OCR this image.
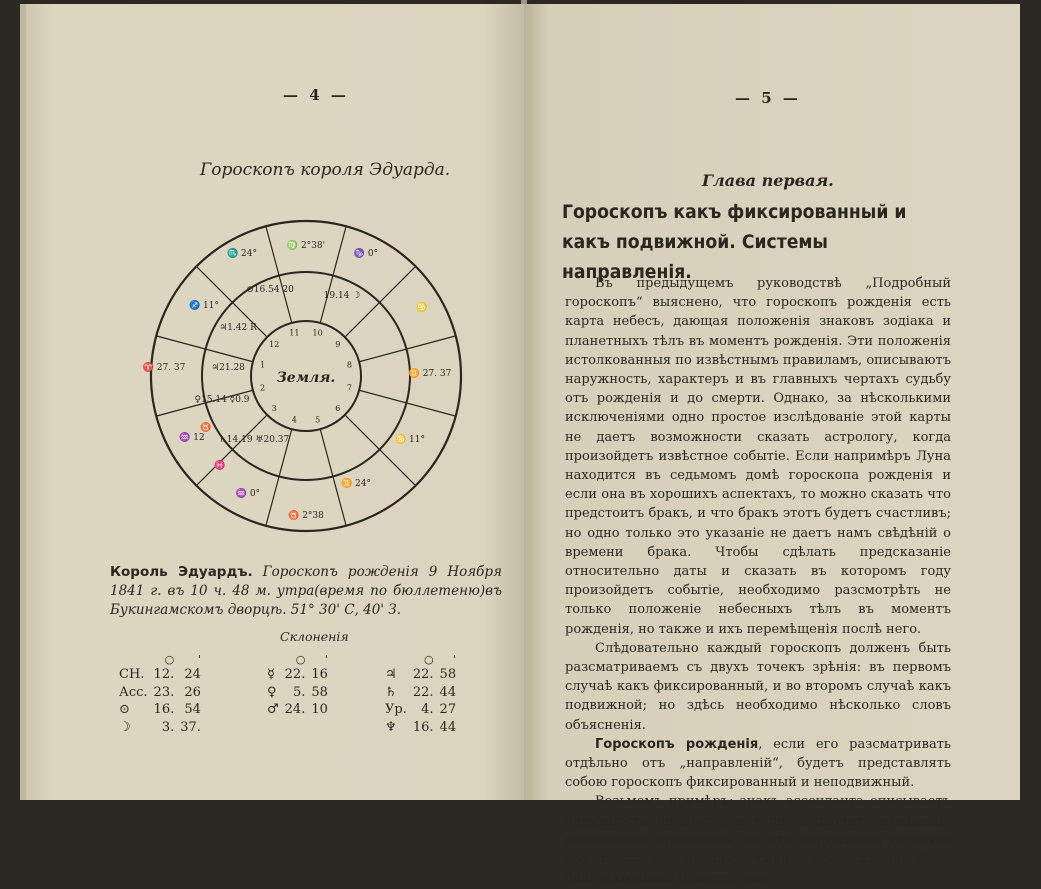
— 4 —
Гороскопъ короля Эдуарда.
1
2
3
4 5
6
7
8
9
10
11
12
Земля.
♍ 2°38'
♏ 24°	♑ 0°
♐ 11°	♋
♈ 27. 37
♊ 27. 37
♉
♋ 11°
♒ 12
♓
♒ 0°
♊ 24°
♉ 2°38
⊙16.54 20
19.14 ☽
♃1.42 R
♃21.28
♀15.14 ☿0.9
♄14.19 ♅20.37
Король Эдуардъ. Гороскопъ рожденія 9 Ноября 1841 г. въ 10 ч. 48 м. утра(время по бюллетеню)въ Букингамскомъ дворцѣ. 51° 30' С, 40' З.
Склоненія
	○	'
СН.	12.	24
Асс.	23.	26
⊙	16.	54
☽	3.	37.
	○	'
☿	22.	16
♀	5.	58
♂	24.	10
	○	'
♃	22.	58
♄	22.	44
Ур.	4.	27
♆	16.	44
— 5 —
Глава первая.
Гороскопъ какъ фиксированный и какъ подвижной. Системы направленія.

Въ предыдущемъ руководствѣ „Подробный гороскопъ“ выяснено, что гороскопъ рожденія есть карта небесъ, дающая положенія знаковъ зодіака и планетныхъ тѣлъ въ моментъ рожденія. Эти положенія истолкованныя по извѣстнымъ правиламъ, описываютъ наружность, характеръ и въ главныхъ чертахъ судьбу отъ рожденія и до смерти. Однако, за нѣсколькими исключеніями одно простое изслѣдованіе этой карты не даетъ возможности сказать астрологу, когда произойдетъ извѣстное событіе. Если напримѣръ Луна находится въ седьмомъ домѣ гороскопа рожденія и если она въ хорошихъ аспектахъ, то можно сказать что предстоитъ бракъ, и что бракъ этотъ будетъ счастливъ; но одно только это указаніе не даетъ намъ свѣдѣній о времени брака. Чтобы сдѣлать предсказаніе относительно даты и сказать въ которомъ году произойдетъ событіе, необходимо разсмотрѣть не только положеніе небесныхъ тѣлъ въ моментъ рожденія, но также и ихъ перемѣщенія послѣ него.

Слѣдовательно каждый гороскопъ долженъ быть разсматриваемъ съ двухъ точекъ зрѣнія: въ первомъ случаѣ какъ фиксированный, и во второмъ случаѣ какъ подвижной; но здѣсь необходимо нѣсколько словъ объясненія.

Гороскопъ рожденія, если его разсматривать отдѣльно отъ „направленій“, будетъ представлять собою гороскопъ фиксированный и неподвижный.

Возьмемъ примѣръ: знакъ ассенданта описываетъ наружность личности, и если исключить измѣненія налагаемыя временемъ, то эта наружность остается все такою же въ продолженіе всей жизни. Если благодѣтельная планета, ука-
